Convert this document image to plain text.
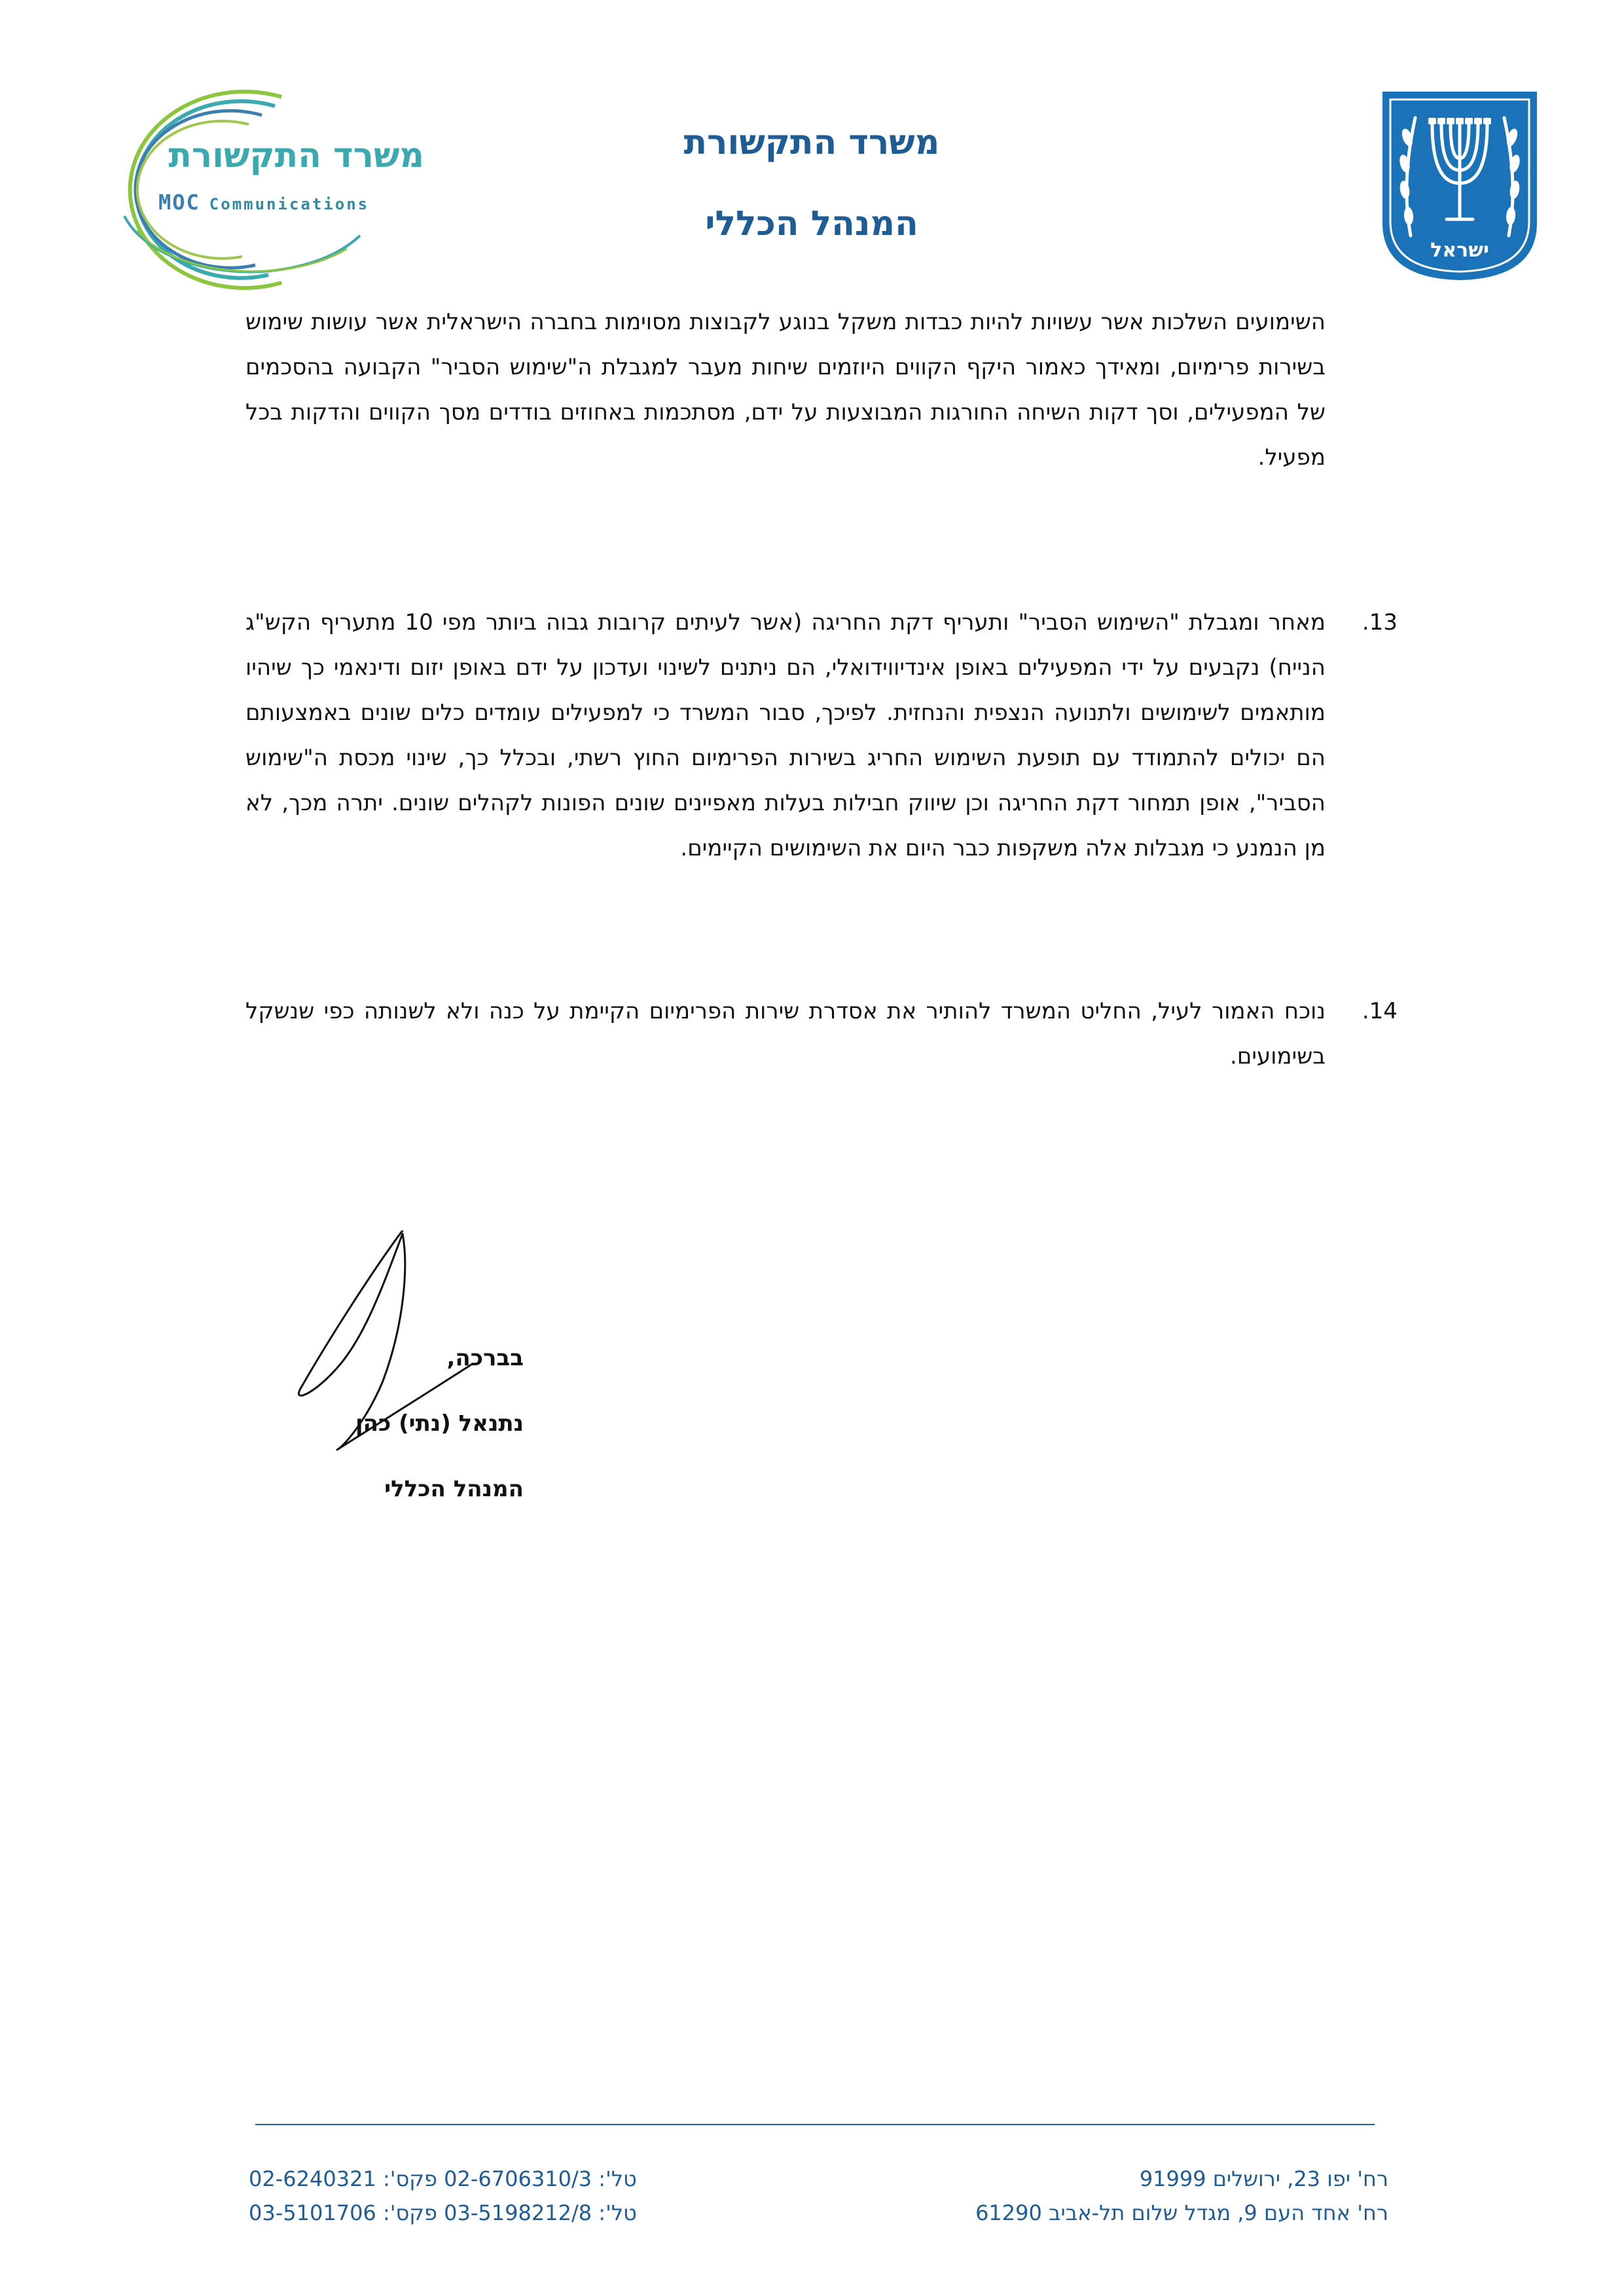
משרד התקשורת
MOC Communications
משרד התקשורת
המנהל הכללי
ישראל

השימועים השלכות אשר עשויות להיות כבדות משקל בנוגע לקבוצות מסוימות בחברה הישראלית אשר עושות שימוש בשירות פרימיום, ומאידך כאמור היקף הקווים היוזמים שיחות מעבר למגבלת ה"שימוש הסביר" הקבועה בהסכמים של המפעילים, וסך דקות השיחה החורגות המבוצעות על ידם, מסתכמות באחוזים בודדים מסך הקווים והדקות בכל מפעיל.

13.

מאחר ומגבלת "השימוש הסביר" ותעריף דקת החריגה (אשר לעיתים קרובות גבוה ביותר מפי 10 מתעריף הקש"ג הנייח) נקבעים על ידי המפעילים באופן אינדיווידואלי, הם ניתנים לשינוי ועדכון על ידם באופן יזום ודינאמי כך שיהיו מותאמים לשימושים ולתנועה הנצפית והנחזית. לפיכך, סבור המשרד כי למפעילים עומדים כלים שונים באמצעותם הם יכולים להתמודד עם תופעת השימוש החריג בשירות הפרימיום החוץ רשתי, ובכלל כך, שינוי מכסת ה"שימוש הסביר", אופן תמחור דקת החריגה וכן שיווק חבילות בעלות מאפיינים שונים הפונות לקהלים שונים. יתרה מכך, לא מן הנמנע כי מגבלות אלה משקפות כבר היום את השימושים הקיימים.

14.

נוכח האמור לעיל, החליט המשרד להותיר את אסדרת שירות הפרימיום הקיימת על כנה ולא לשנותה כפי שנשקל בשימועים.

בברכה,
נתנאל (נתי) כהן
המנהל הכללי
רח' יפו 23, ירושלים 91999
רח' אחד העם 9, מגדל שלום תל-אביב 61290
טל': 02-6706310/3 פקס': 02-6240321
טל': 03-5198212/8 פקס': 03-5101706
